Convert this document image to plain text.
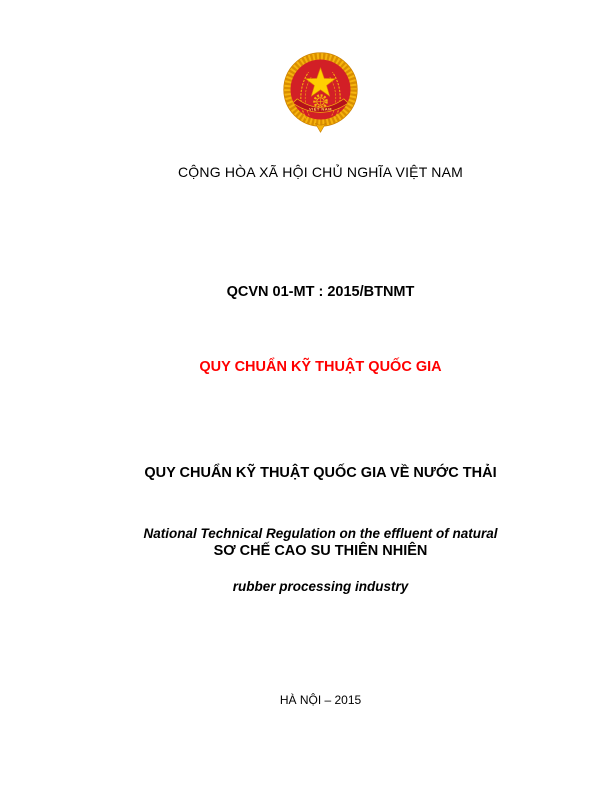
VIỆT NAM
CỘNG HÒA XÃ HỘI CHỦ NGHĨA VIỆT NAM
QCVN 01-MT : 2015/BTNMT
QUY CHUẨN KỸ THUẬT QUỐC GIA

QUY CHUẨN KỸ THUẬT QUỐC GIA VỀ NƯỚC THẢI

SƠ CHẾ CAO SU THIÊN NHIÊN

National Technical Regulation on the effluent of natural

rubber processing industry

HÀ NỘI – 2015
